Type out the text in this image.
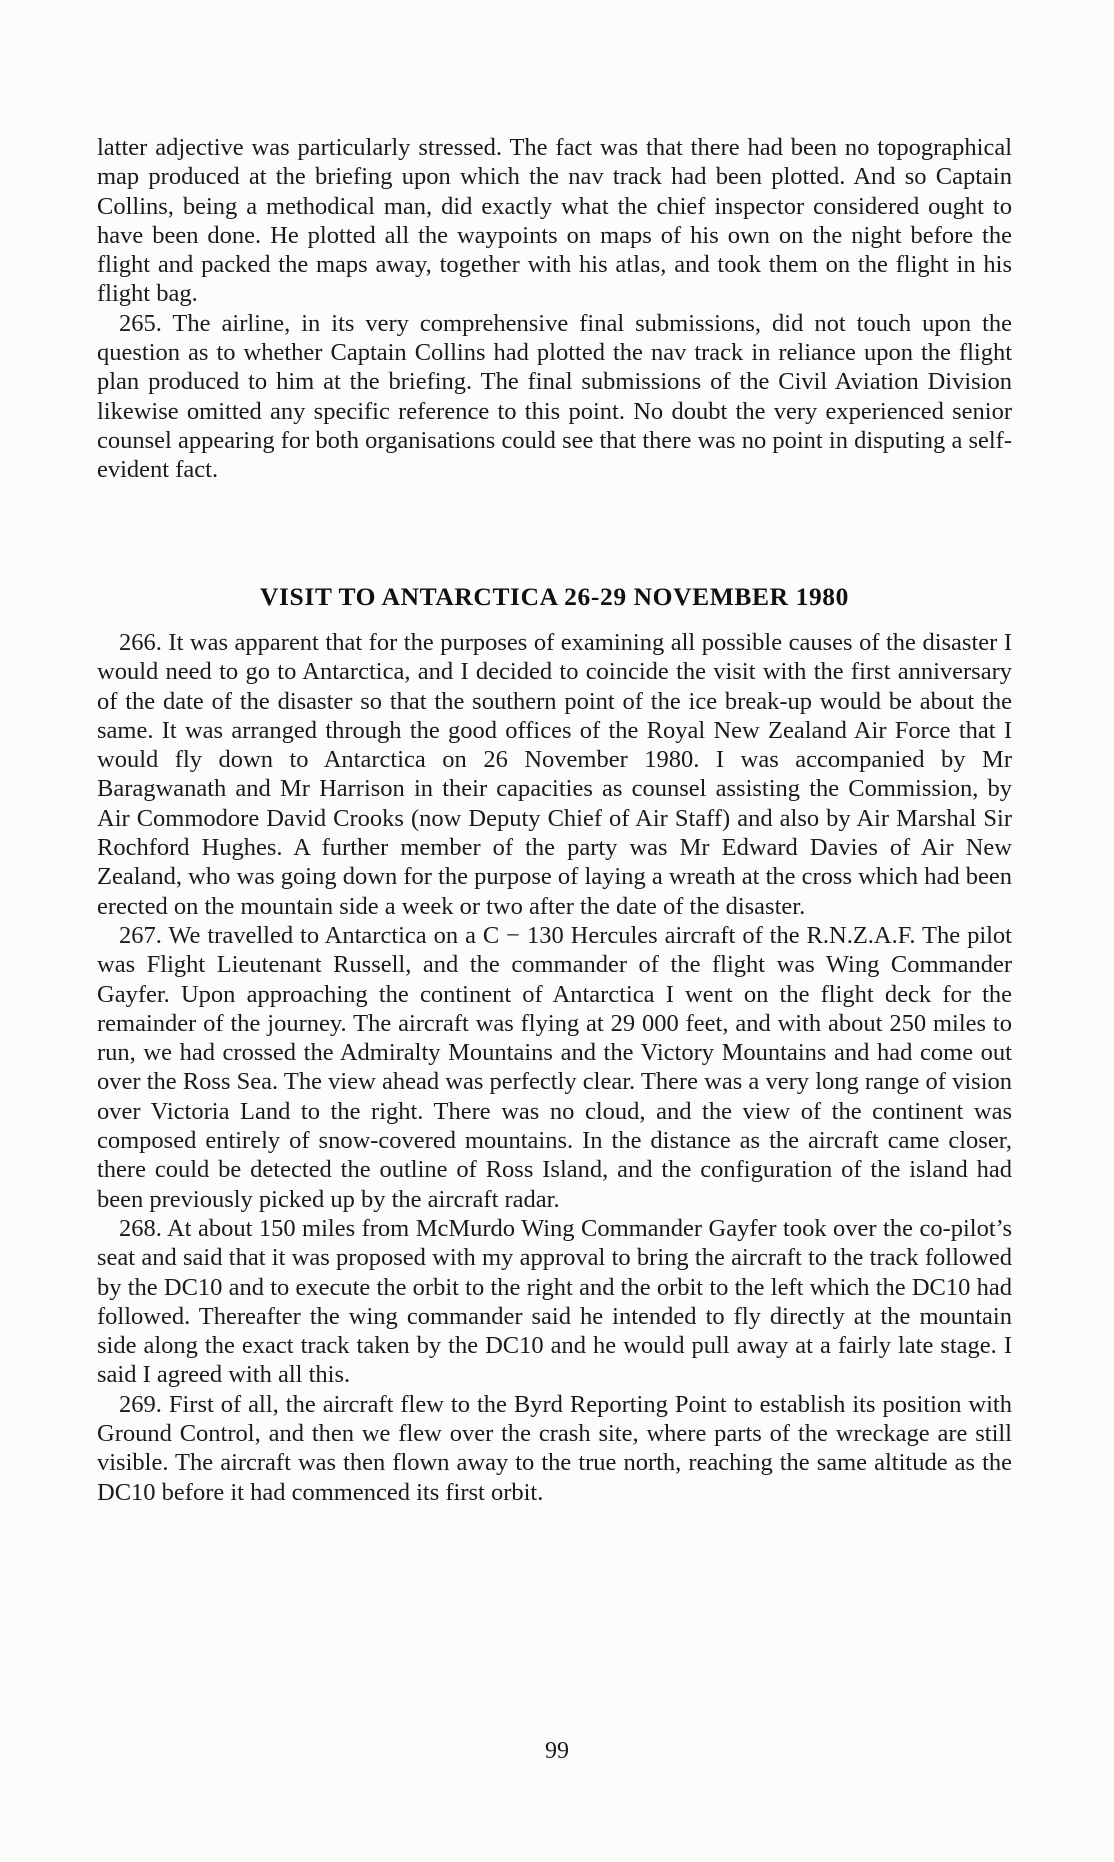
latter adjective was particularly stressed. The fact was that there had been no topographical map produced at the briefing upon which the nav track had been plotted. And so Captain Collins, being a methodical man, did exactly what the chief inspector considered ought to have been done. He plotted all the waypoints on maps of his own on the night before the flight and packed the maps away, together with his atlas, and took them on the flight in his flight bag.

265. The airline, in its very comprehensive final submissions, did not touch upon the question as to whether Captain Collins had plotted the nav track in reliance upon the flight plan produced to him at the briefing. The final submissions of the Civil Aviation Division likewise omitted any specific reference to this point. No doubt the very experienced senior counsel appearing for both organisations could see that there was no point in disputing a self-evident fact.

VISIT TO ANTARCTICA 26-29 NOVEMBER 1980

266. It was apparent that for the purposes of examining all possible causes of the disaster I would need to go to Antarctica, and I decided to coincide the visit with the first anniversary of the date of the disaster so that the southern point of the ice break-up would be about the same. It was arranged through the good offices of the Royal New Zealand Air Force that I would fly down to Antarctica on 26 November 1980. I was accompanied by Mr Baragwanath and Mr Harrison in their capacities as counsel assisting the Commission, by Air Commodore David Crooks (now Deputy Chief of Air Staff) and also by Air Marshal Sir Rochford Hughes. A further member of the party was Mr Edward Davies of Air New Zealand, who was going down for the purpose of laying a wreath at the cross which had been erected on the mountain side a week or two after the date of the disaster.

267. We travelled to Antarctica on a C − 130 Hercules aircraft of the R.N.Z.A.F. The pilot was Flight Lieutenant Russell, and the commander of the flight was Wing Commander Gayfer. Upon approaching the continent of Antarctica I went on the flight deck for the remainder of the journey. The aircraft was flying at 29 000 feet, and with about 250 miles to run, we had crossed the Admiralty Mountains and the Victory Mountains and had come out over the Ross Sea. The view ahead was perfectly clear. There was a very long range of vision over Victoria Land to the right. There was no cloud, and the view of the continent was composed entirely of snow-covered mountains. In the distance as the aircraft came closer, there could be detected the outline of Ross Island, and the configuration of the island had been previously picked up by the aircraft radar.

268. At about 150 miles from McMurdo Wing Commander Gayfer took over the co-pilot’s seat and said that it was proposed with my approval to bring the aircraft to the track followed by the DC10 and to execute the orbit to the right and the orbit to the left which the DC10 had followed. Thereafter the wing commander said he intended to fly directly at the mountain side along the exact track taken by the DC10 and he would pull away at a fairly late stage. I said I agreed with all this.

269. First of all, the aircraft flew to the Byrd Reporting Point to establish its position with Ground Control, and then we flew over the crash site, where parts of the wreckage are still visible. The aircraft was then flown away to the true north, reaching the same altitude as the DC10 before it had commenced its first orbit.

99
